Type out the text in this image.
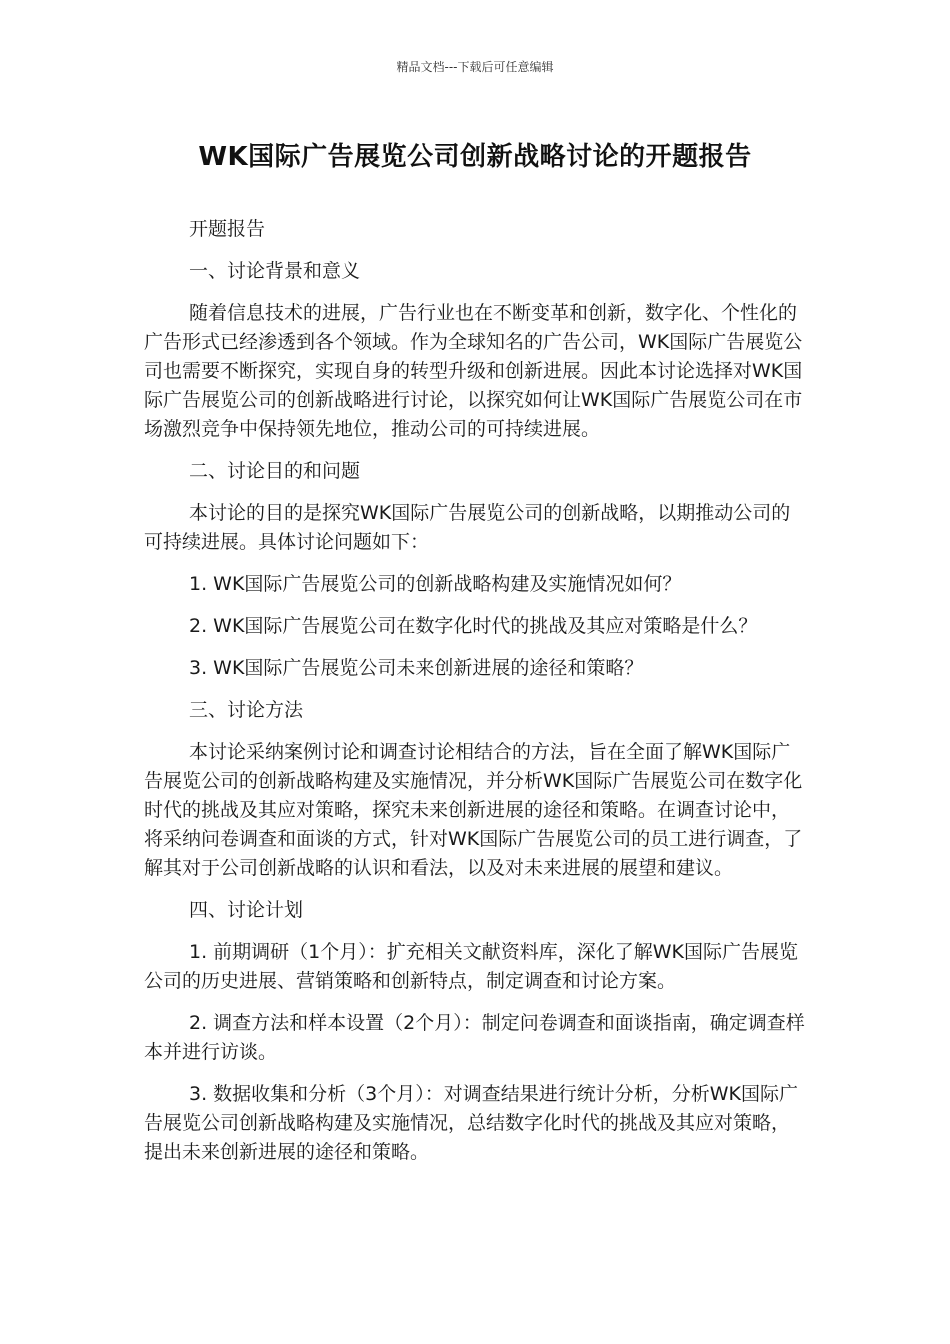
精品文档---下载后可任意编辑
WK国际广告展览公司创新战略讨论的开题报告

开题报告

一、讨论背景和意义

随着信息技术的进展，广告行业也在不断变革和创新，数字化、个性化的广告形式已经渗透到各个领域。作为全球知名的广告公司，WK国际广告展览公司也需要不断探究，实现自身的转型升级和创新进展。因此本讨论选择对WK国际广告展览公司的创新战略进行讨论，以探究如何让WK国际广告展览公司在市场激烈竞争中保持领先地位，推动公司的可持续进展。

二、讨论目的和问题

本讨论的目的是探究WK国际广告展览公司的创新战略，以期推动公司的可持续进展。具体讨论问题如下：

1. WK国际广告展览公司的创新战略构建及实施情况如何？

2. WK国际广告展览公司在数字化时代的挑战及其应对策略是什么？

3. WK国际广告展览公司未来创新进展的途径和策略？

三、讨论方法

本讨论采纳案例讨论和调查讨论相结合的方法，旨在全面了解WK国际广告展览公司的创新战略构建及实施情况，并分析WK国际广告展览公司在数字化时代的挑战及其应对策略，探究未来创新进展的途径和策略。在调查讨论中，将采纳问卷调查和面谈的方式，针对WK国际广告展览公司的员工进行调查，了解其对于公司创新战略的认识和看法，以及对未来进展的展望和建议。

四、讨论计划

1. 前期调研（1个月）：扩充相关文献资料库，深化了解WK国际广告展览公司的历史进展、营销策略和创新特点，制定调查和讨论方案。

2. 调查方法和样本设置（2个月）：制定问卷调查和面谈指南，确定调查样本并进行访谈。

3. 数据收集和分析（3个月）：对调查结果进行统计分析，分析WK国际广告展览公司创新战略构建及实施情况，总结数字化时代的挑战及其应对策略，提出未来创新进展的途径和策略。
